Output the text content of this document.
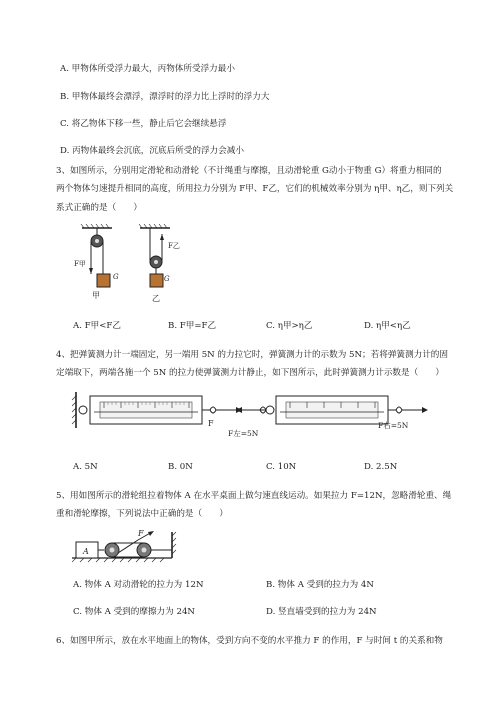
A. 甲物体所受浮力最大，丙物体所受浮力最小
B. 甲物体最终会漂浮，漂浮时的浮力比上浮时的浮力大
C. 将乙物体下移一些，静止后它会继续悬浮
D. 丙物体最终会沉底，沉底后所受的浮力会减小
3、如图所示，分别用定滑轮和动滑轮（不计绳重与摩擦，且动滑轮重 G动小于物重 G）将重力相同的
两个物体匀速提升相同的高度，所用拉力分别为 F甲、F乙，它们的机械效率分别为 η甲、η乙，则下列关
系式正确的是（　　）
F甲
G
甲
F乙
G
乙
A. F甲<F乙	B. F甲=F乙	C. η甲>η乙	D. η甲<η乙
4、把弹簧测力计一端固定，另一端用 5N 的力拉它时，弹簧测力计的示数为 5N；若将弹簧测力计的固
定端取下，两端各施一个 5N 的拉力使弹簧测力计静止，如下图所示，此时弹簧测力计示数是（　　）
F
F左=5N
F右=5N
A. 5N	B. 0N	C. 10N	D. 2.5N
5、用如图所示的滑轮组拉着物体 A 在水平桌面上做匀速直线运动。如果拉力 F=12N，忽略滑轮重、绳
重和滑轮摩擦，下列说法中正确的是（　　）
A
F
A. 物体 A 对动滑轮的拉力为 12N	B. 物体 A 受到的拉力为 4N
C. 物体 A 受到的摩擦力为 24N	D. 竖直墙受到的拉力为 24N
6、如图甲所示，放在水平地面上的物体，受到方向不变的水平推力 F 的作用，F 与时间 t 的关系和物
